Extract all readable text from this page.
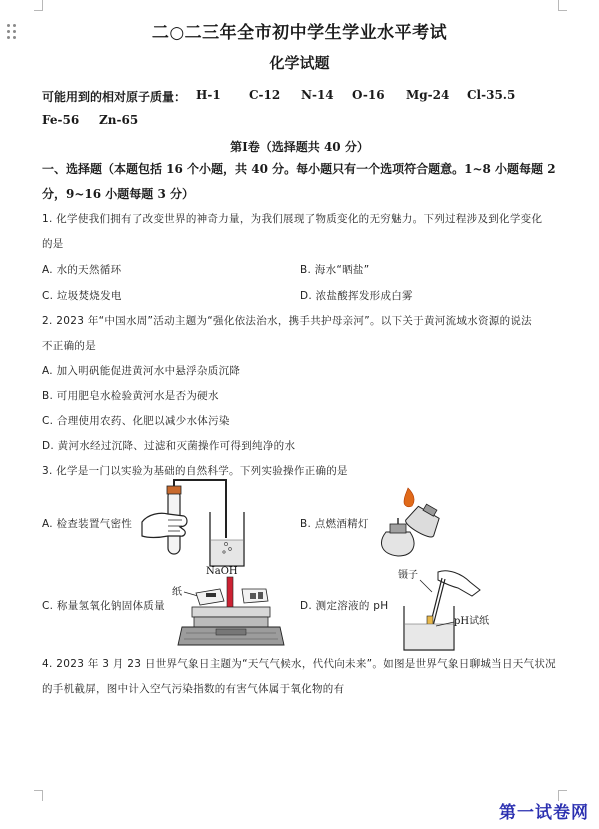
二○二三年全市初中学生学业水平考试
化学试题
可能用到的相对原子质量： H-1 C-12 N-14 O-16 Mg-24 Cl-35.5
Fe-56 Zn-65
第Ⅰ卷（选择题共 40 分）
一、选择题（本题包括 16 个小题，共 40 分。每小题只有一个选项符合题意。1~8 小题每题 2
分，9~16 小题每题 3 分）
1. 化学使我们拥有了改变世界的神奇力量，为我们展现了物质变化的无穷魅力。下列过程涉及到化学变化
的是
A. 水的天然循环	B. 海水“晒盐”
C. 垃圾焚烧发电	D. 浓盐酸挥发形成白雾
2. 2023 年“中国水周”活动主题为“强化依法治水，携手共护母亲河”。以下关于黄河流域水资源的说法
不正确的是
A. 加入明矾能促进黄河水中悬浮杂质沉降
B. 可用肥皂水检验黄河水是否为硬水
C. 合理使用农药、化肥以减少水体污染
D. 黄河水经过沉降、过滤和灭菌操作可得到纯净的水
3. 化学是一门以实验为基础的自然科学。下列实验操作正确的是
A. 检查装置气密性	B. 点燃酒精灯
C. 称量氢氧化钠固体质量	D. 测定溶液的 pH
NaOH
纸
镊子
pH试纸
4. 2023 年 3 月 23 日世界气象日主题为“天气气候水，代代向未来”。如图是世界气象日聊城当日天气状况
的手机截屏，图中计入空气污染指数的有害气体属于氧化物的有
第一试卷网
